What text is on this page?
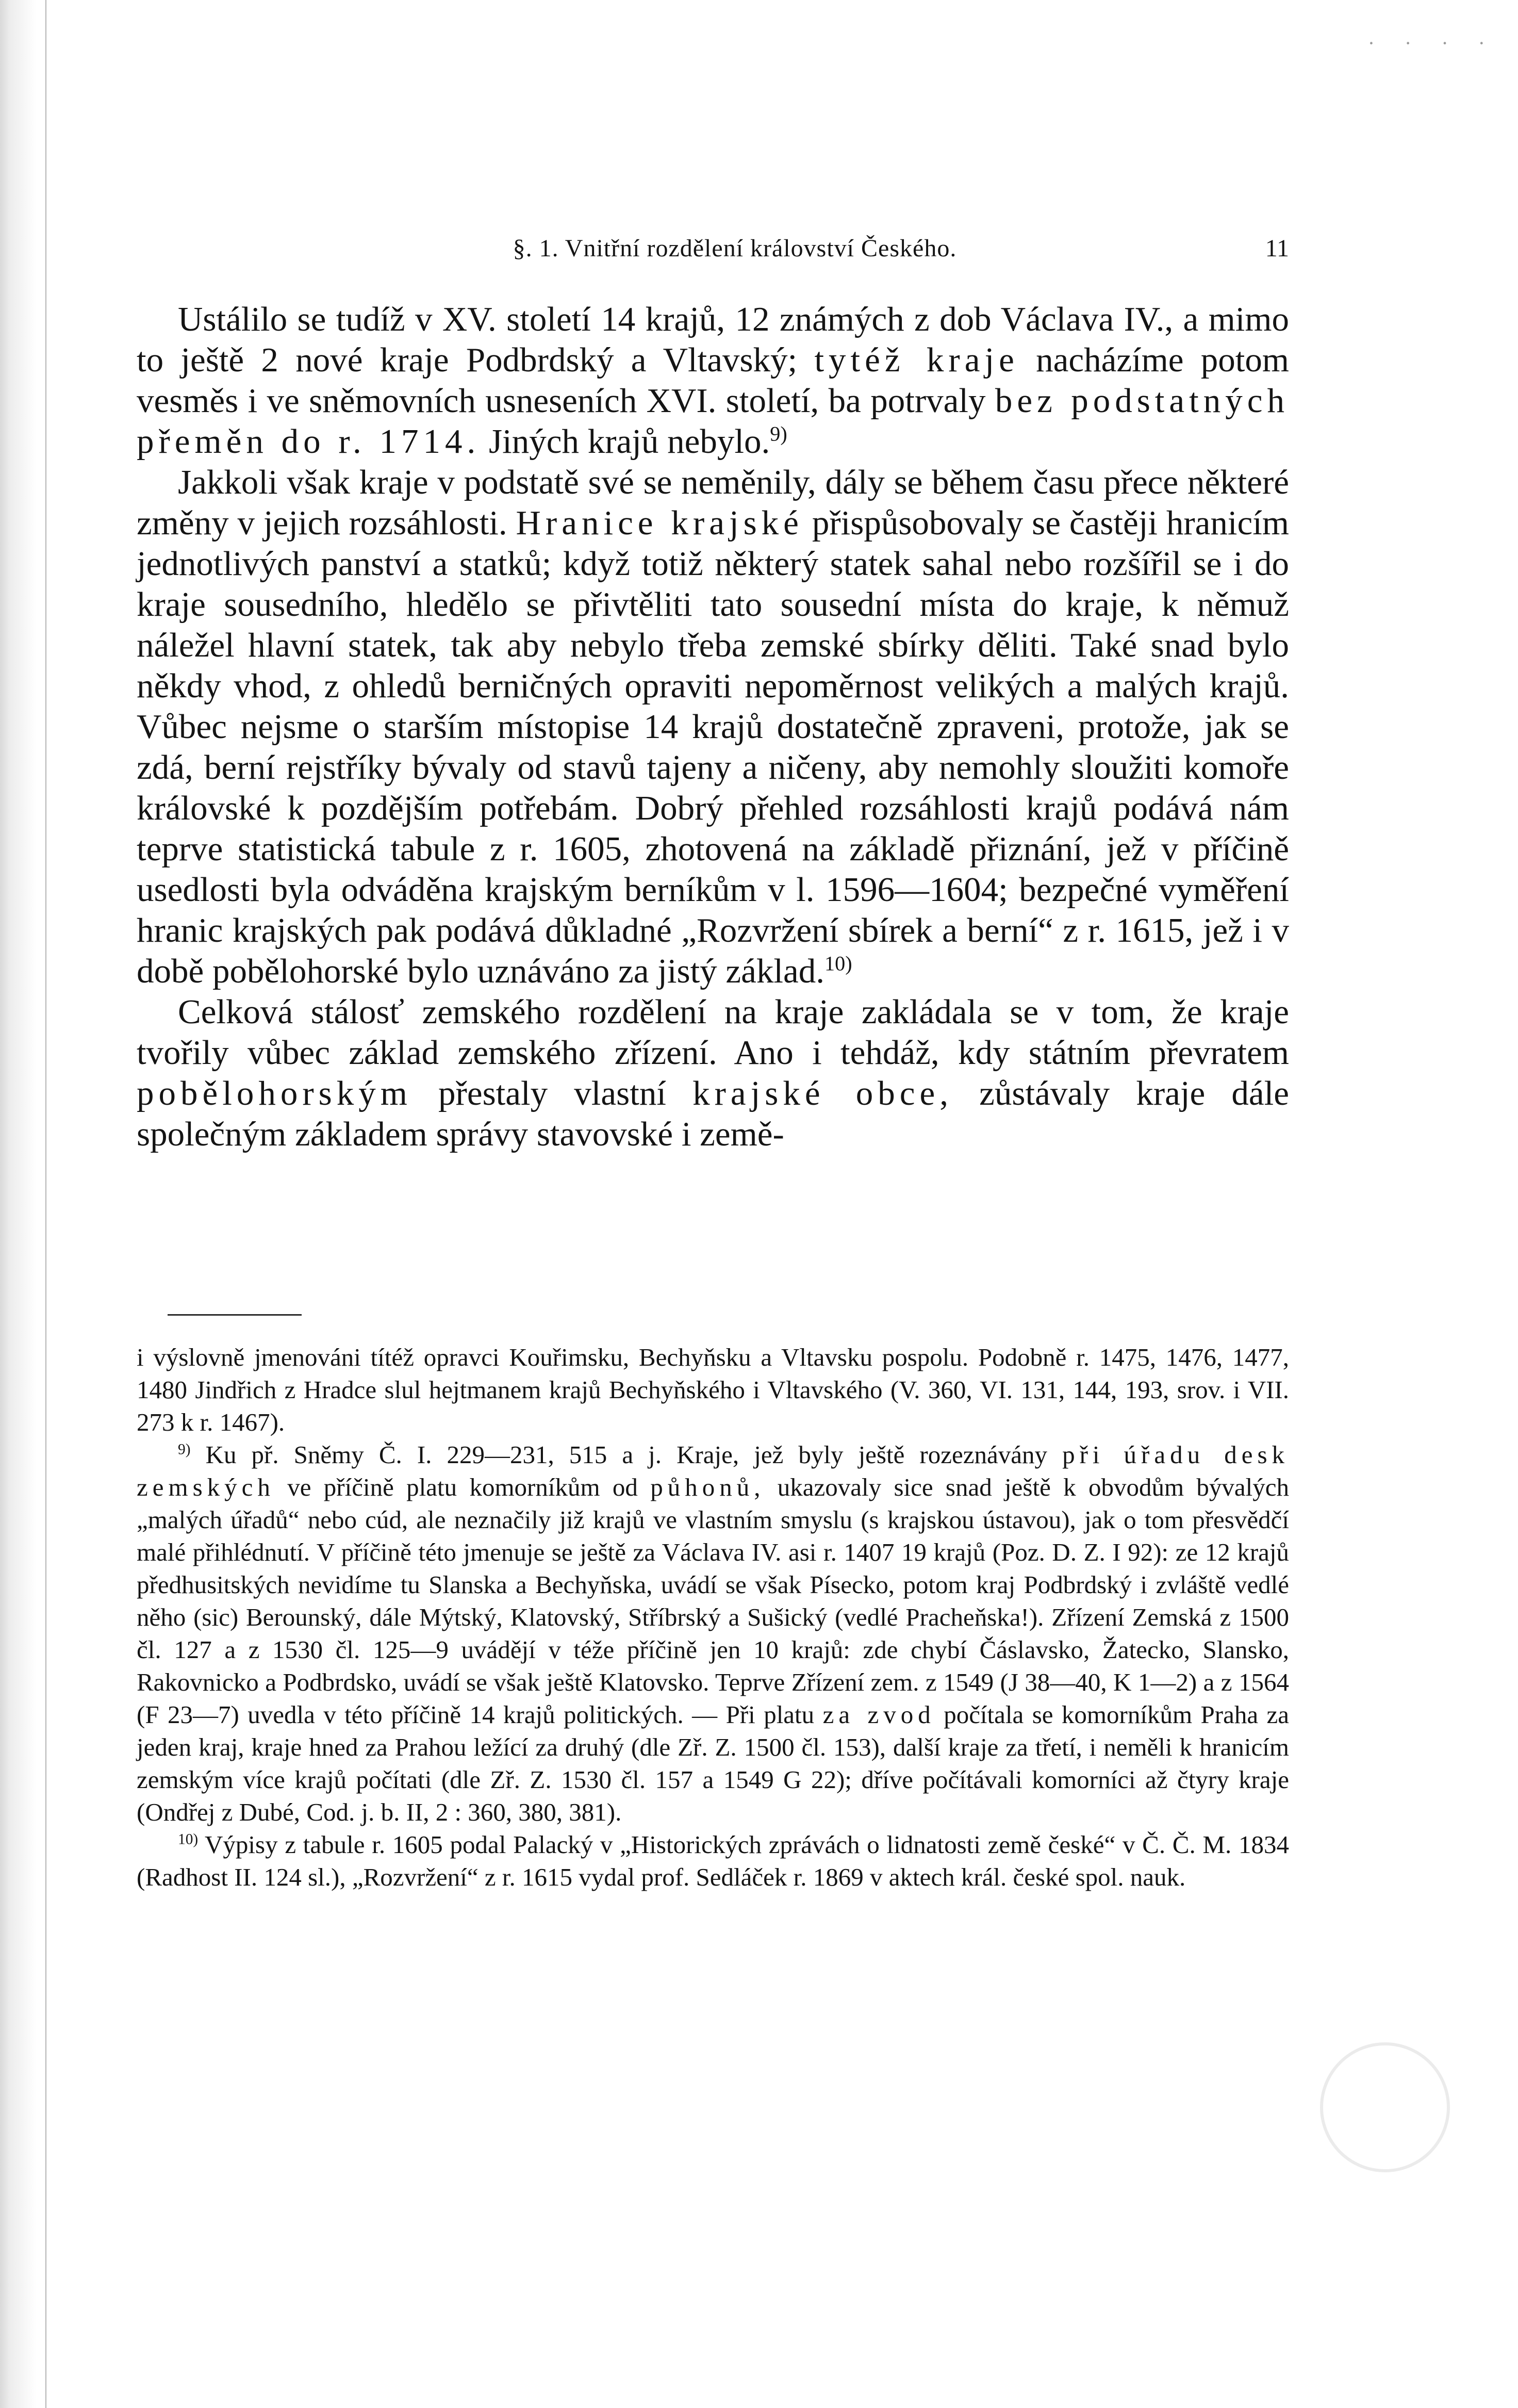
· · · ·
§. 1. Vnitřní rozdělení království Českého.	11

Ustálilo se tudíž v XV. století 14 krajů, 12 známých z dob Václava IV., a mimo to ještě 2 nové kraje Podbrdský a Vltavský; tytéž kraje nacházíme potom vesměs i ve sněmovních usneseních XVI. století, ba potrvaly bez podstatných přeměn do r. 1714. Jiných krajů nebylo.$^{9)}$

Jakkoli však kraje v podstatě své se neměnily, dály se během času přece některé změny v jejich rozsáhlosti. Hranice krajské přispůsobovaly se častěji hranicím jednotlivých panství a statků; když totiž některý statek sahal nebo rozšířil se i do kraje sousedního, hledělo se přivtěliti tato sousední místa do kraje, k němuž náležel hlavní statek, tak aby nebylo třeba zemské sbírky děliti. Také snad bylo někdy vhod, z ohledů berničných opraviti nepoměrnost velikých a malých krajů. Vůbec nejsme o starším místopise 14 krajů dostatečně zpraveni, protože, jak se zdá, berní rejstříky bývaly od stavů tajeny a ničeny, aby nemohly sloužiti komoře královské k pozdějším potřebám. Dobrý přehled rozsáhlosti krajů podává nám teprve statistická tabule z r. 1605, zhotovená na základě přiznání, jež v příčině usedlosti byla odváděna krajským berníkům v l. 1596—1604; bezpečné vyměření hranic krajských pak podává důkladné „Rozvržení sbírek a berní“ z r. 1615, jež i v době pobělohorské bylo uznáváno za jistý základ.$^{10)}$

Celková stálosť zemského rozdělení na kraje zakládala se v tom, že kraje tvořily vůbec základ zemského zřízení. Ano i tehdáž, kdy státním převratem pobělohorským přestaly vlastní krajské obce, zůstávaly kraje dále společným základem správy stavovské i země-

i výslovně jmenováni títéž opravci Kouřimsku, Bechyňsku a Vltavsku pospolu. Podobně r. 1475, 1476, 1477, 1480 Jindřich z Hradce slul hejtmanem krajů Bechyňského i Vltavského (V. 360, VI. 131, 144, 193, srov. i VII. 273 k r. 1467).

$^{9)}$ Ku př. Sněmy Č. I. 229—231, 515 a j. Kraje, jež byly ještě rozeznávány při úřadu desk zemských ve příčině platu komorníkům od půhonů, ukazovaly sice snad ještě k obvodům bývalých „malých úřadů“ nebo cúd, ale neznačily již krajů ve vlastním smyslu (s krajskou ústavou), jak o tom přesvědčí malé přihlédnutí. V příčině této jmenuje se ještě za Václava IV. asi r. 1407 19 krajů (Poz. D. Z. I 92): ze 12 krajů předhusitských nevidíme tu Slanska a Bechyňska, uvádí se však Písecko, potom kraj Podbrdský i zvláště vedlé něho (sic) Berounský, dále Mýtský, Klatovský, Stříbrský a Sušický (vedlé Pracheňska!). Zřízení Zemská z 1500 čl. 127 a z 1530 čl. 125—9 uvádějí v téže příčině jen 10 krajů: zde chybí Čáslavsko, Žatecko, Slansko, Rakovnicko a Podbrdsko, uvádí se však ještě Klatovsko. Teprve Zřízení zem. z 1549 (J 38—40, K 1—2) a z 1564 (F 23—7) uvedla v této příčině 14 krajů politických. — Při platu za zvod počítala se komorníkům Praha za jeden kraj, kraje hned za Prahou ležící za druhý (dle Zř. Z. 1500 čl. 153), další kraje za třetí, i neměli k hranicím zemským více krajů počítati (dle Zř. Z. 1530 čl. 157 a 1549 G 22); dříve počítávali komorníci až čtyry kraje (Ondřej z Dubé, Cod. j. b. II, 2 : 360, 380, 381).

$^{10)}$ Výpisy z tabule r. 1605 podal Palacký v „Historických zprávách o lidnatosti země české“ v Č. Č. M. 1834 (Radhost II. 124 sl.), „Rozvržení“ z r. 1615 vydal prof. Sedláček r. 1869 v aktech král. české spol. nauk.
